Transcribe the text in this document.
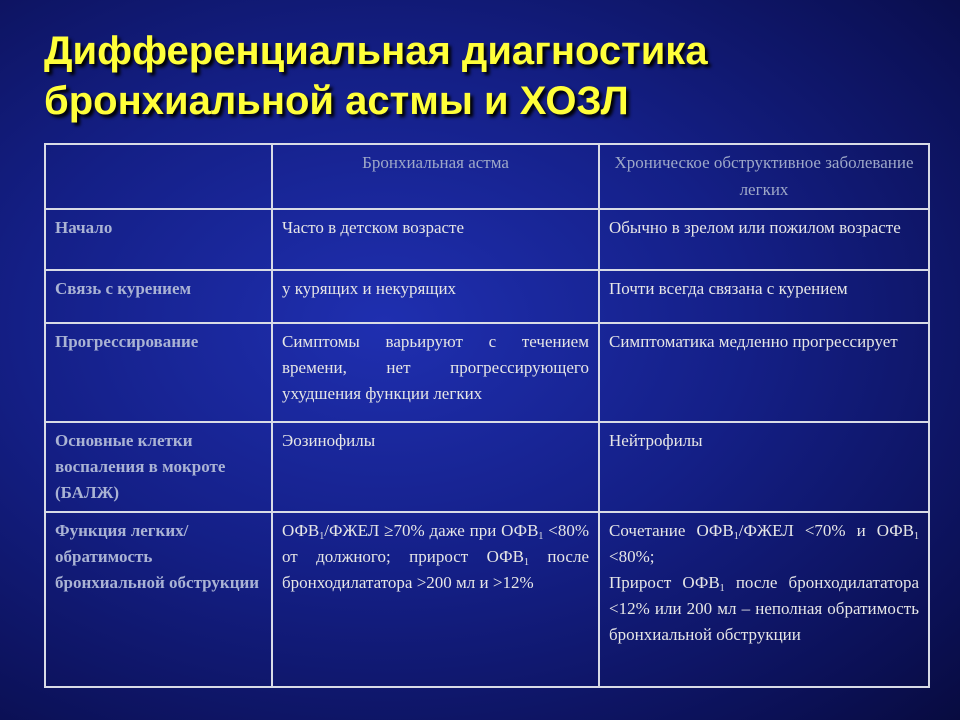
Дифференциальная диагностика
бронхиальной астмы и ХОЗЛ
	Бронхиальная астма	Хроническое обструктивное заболевание легких
Начало	Часто в детском возрасте	Обычно в зрелом или пожилом возрасте
Связь с курением	у курящих и некурящих	Почти всегда связана с курением
Прогрессирование	Симптомы варьируют с течением времени, нет прогрессирующего ухудшения функции легких	Симптоматика медленно прогрессирует
Основные клетки воспаления в мокроте (БАЛЖ)	Эозинофилы	Нейтрофилы
Функция легких/обратимость бронхиальной обструкции	$ОФВ_1$/ФЖЕЛ ≥70% даже при $ОФВ_1 <80\%$ от должного; прирост $ОФВ_1$ после бронходилататора >200 мл и >12%	Сочетание $ОФВ_1$/ФЖЕЛ <70% и $ОФВ_1 <80\%$;
Прирост $ОФВ_1$ после бронходилататора <12% или 200 мл – неполная обратимость бронхиальной обструкции
